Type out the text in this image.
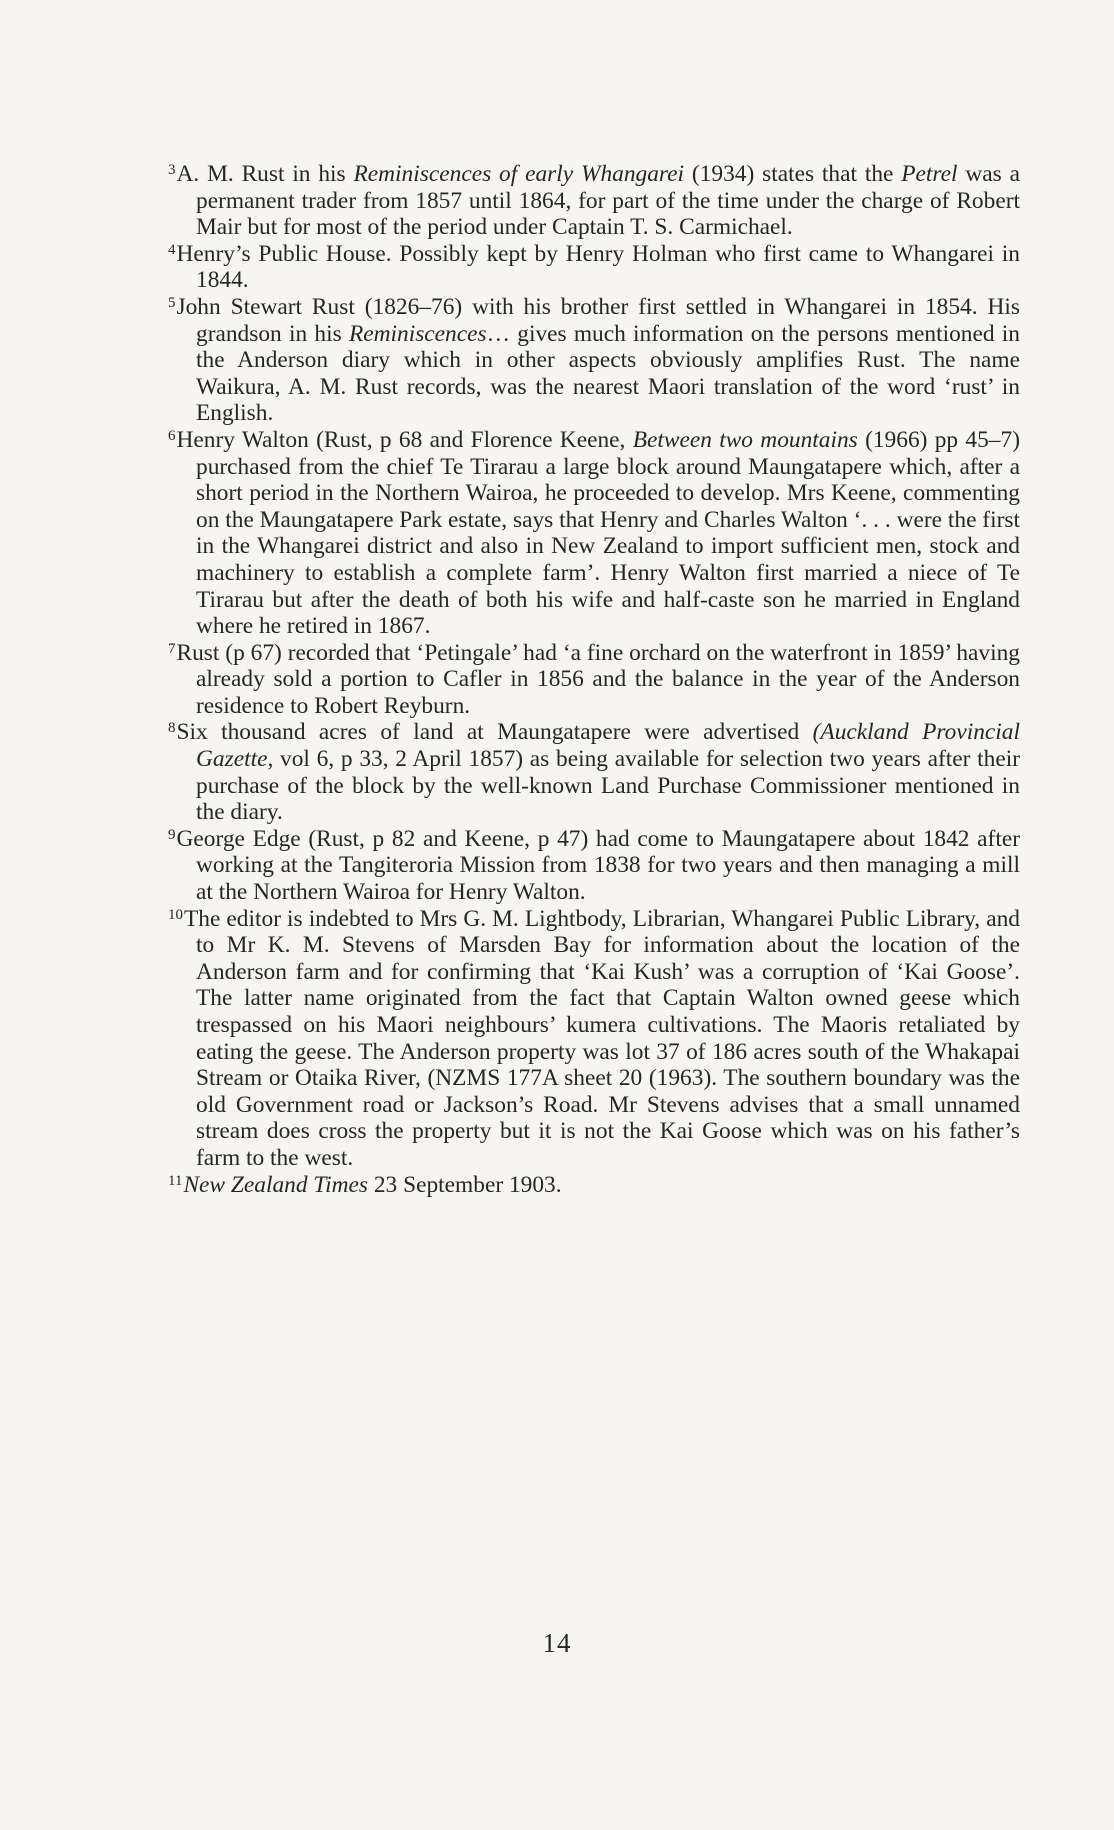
$^3$A. M. Rust in his Reminiscences of early Whangarei (1934) states that the Petrel was a permanent trader from 1857 until 1864, for part of the time under the charge of Robert Mair but for most of the period under Captain T. S. Carmichael.

$^4$Henry’s Public House. Possibly kept by Henry Holman who first came to Whangarei in 1844.

$^5$John Stewart Rust (1826–76) with his brother first settled in Whangarei in 1854. His grandson in his Reminiscences… gives much information on the persons mentioned in the Anderson diary which in other aspects obviously amplifies Rust. The name Waikura, A. M. Rust records, was the nearest Maori translation of the word ‘rust’ in English.

$^6$Henry Walton (Rust, p 68 and Florence Keene, Between two mountains (1966) pp 45–7) purchased from the chief Te Tirarau a large block around Maungatapere which, after a short period in the Northern Wairoa, he proceeded to develop. Mrs Keene, commenting on the Maungatapere Park estate, says that Henry and Charles Walton ‘. . . were the first in the Whangarei district and also in New Zealand to import sufficient men, stock and machinery to establish a complete farm’. Henry Walton first married a niece of Te Tirarau but after the death of both his wife and half-caste son he married in England where he retired in 1867.

$^7$Rust (p 67) recorded that ‘Petingale’ had ‘a fine orchard on the waterfront in 1859’ having already sold a portion to Cafler in 1856 and the balance in the year of the Anderson residence to Robert Reyburn.

$^8$Six thousand acres of land at Maungatapere were advertised (Auckland Provincial Gazette, vol 6, p 33, 2 April 1857) as being available for selection two years after their purchase of the block by the well-known Land Purchase Commissioner mentioned in the diary.

$^9$George Edge (Rust, p 82 and Keene, p 47) had come to Maungatapere about 1842 after working at the Tangiteroria Mission from 1838 for two years and then managing a mill at the Northern Wairoa for Henry Walton.

$^{10}$The editor is indebted to Mrs G. M. Lightbody, Librarian, Whangarei Public Library, and to Mr K. M. Stevens of Marsden Bay for information about the location of the Anderson farm and for confirming that ‘Kai Kush’ was a corruption of ‘Kai Goose’. The latter name originated from the fact that Captain Walton owned geese which trespassed on his Maori neighbours’ kumera cultivations. The Maoris retaliated by eating the geese. The Anderson property was lot 37 of 186 acres south of the Whakapai Stream or Otaika River, (NZMS 177A sheet 20 (1963). The southern boundary was the old Government road or Jackson’s Road. Mr Stevens advises that a small unnamed stream does cross the property but it is not the Kai Goose which was on his father’s farm to the west.

$^{11}$New Zealand Times 23 September 1903.

14
